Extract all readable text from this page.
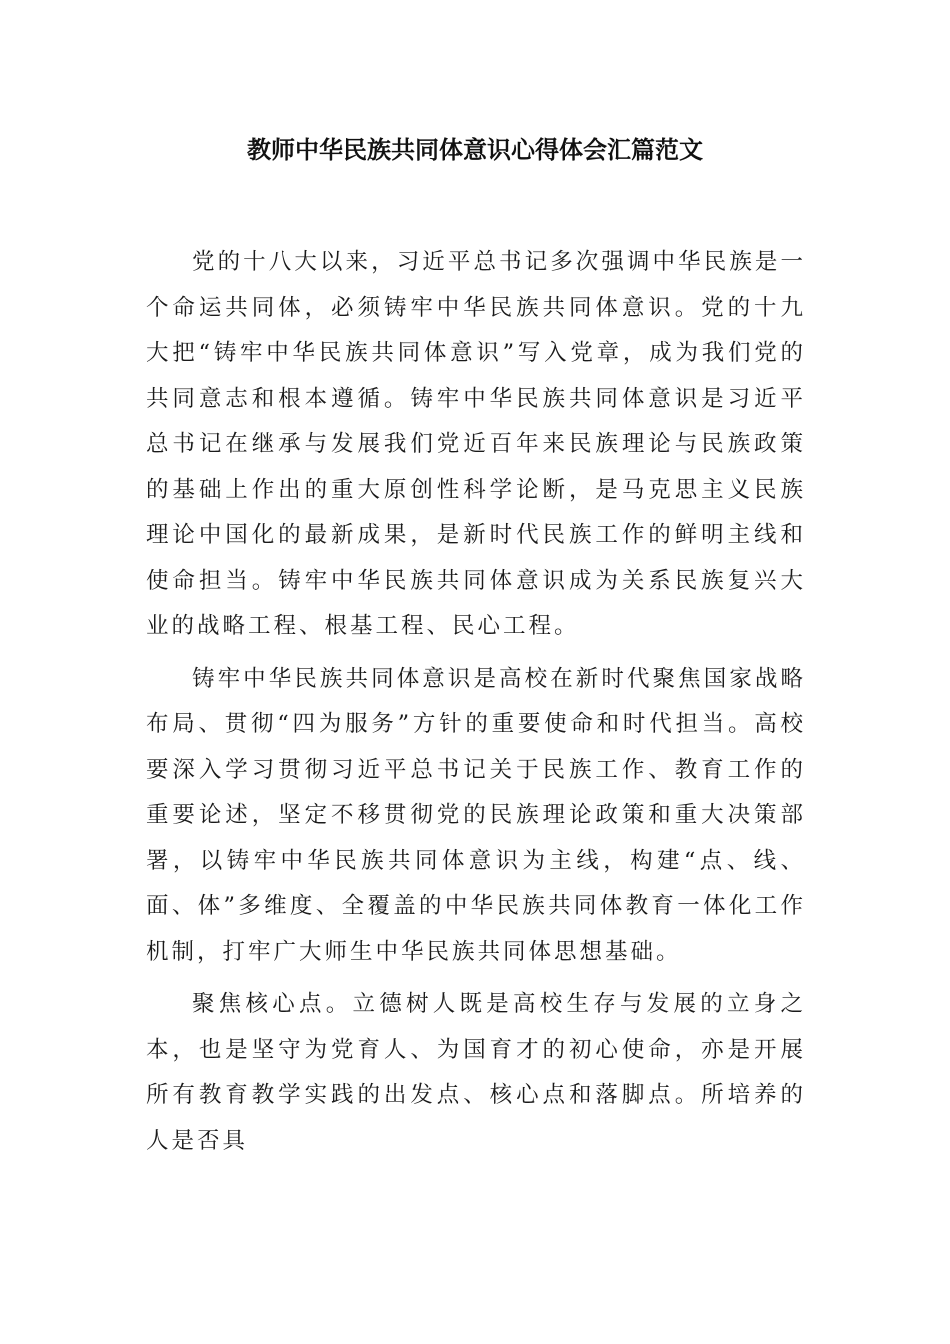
教师中华民族共同体意识心得体会汇篇范文

党的十八大以来，习近平总书记多次强调中华民族是一个命运共同体，必须铸牢中华民族共同体意识。党的十九大把“铸牢中华民族共同体意识”写入党章，成为我们党的共同意志和根本遵循。铸牢中华民族共同体意识是习近平总书记在继承与发展我们党近百年来民族理论与民族政策的基础上作出的重大原创性科学论断，是马克思主义民族理论中国化的最新成果，是新时代民族工作的鲜明主线和使命担当。铸牢中华民族共同体意识成为关系民族复兴大业的战略工程、根基工程、民心工程。

铸牢中华民族共同体意识是高校在新时代聚焦国家战略布局、贯彻“四为服务”方针的重要使命和时代担当。高校要深入学习贯彻习近平总书记关于民族工作、教育工作的重要论述，坚定不移贯彻党的民族理论政策和重大决策部署，以铸牢中华民族共同体意识为主线，构建“点、线、面、体”多维度、全覆盖的中华民族共同体教育一体化工作机制，打牢广大师生中华民族共同体思想基础。

聚焦核心点。立德树人既是高校生存与发展的立身之本，也是坚守为党育人、为国育才的初心使命，亦是开展所有教育教学实践的出发点、核心点和落脚点。所培养的人是否具
